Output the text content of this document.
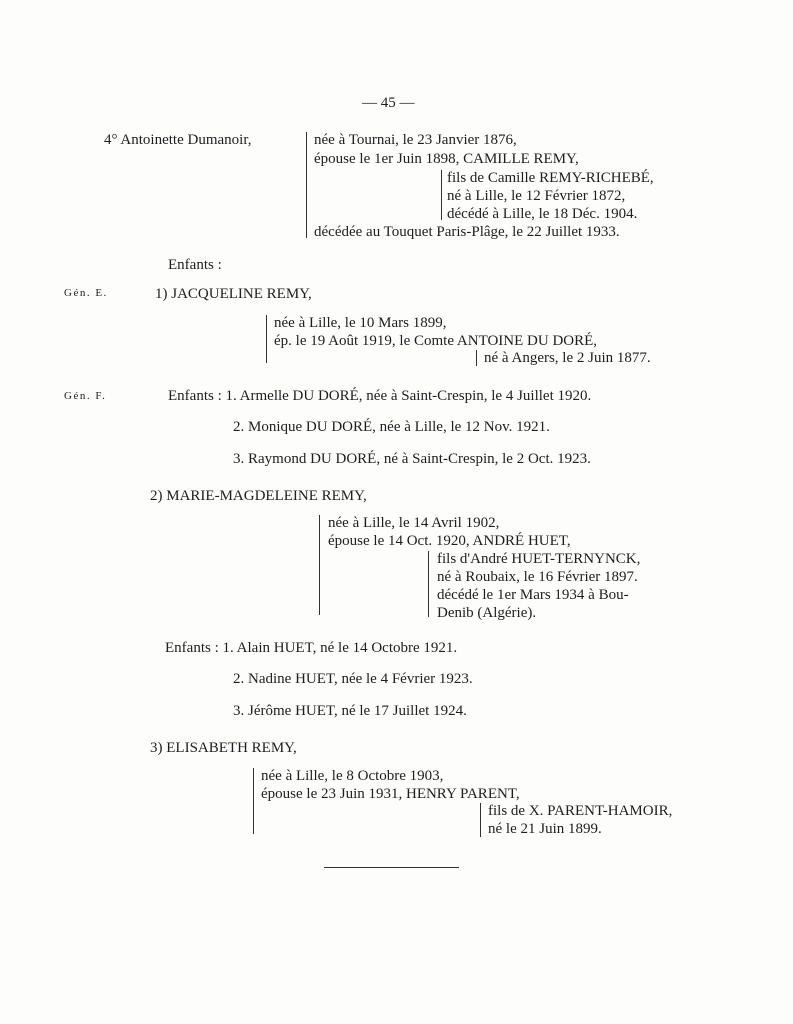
— 45 —
4° Antoinette Dumanoir,	née à Tournai, le 23 Janvier 1876,
épouse le 1er Juin 1898, CAMILLE REMY,
fils de Camille REMY-RICHEBÉ,
né à Lille, le 12 Février 1872,
décédé à Lille, le 18 Déc. 1904.
décédée au Touquet Paris-Plâge, le 22 Juillet 1933.
Enfants :
Gén. E.	1) JACQUELINE REMY,
née à Lille, le 10 Mars 1899,
ép. le 19 Août 1919, le Comte ANTOINE DU DORÉ,
né à Angers, le 2 Juin 1877.
Gén. F.	Enfants : 1. Armelle DU DORÉ, née à Saint-Crespin, le 4 Juillet 1920.
2. Monique DU DORÉ, née à Lille, le 12 Nov. 1921.
3. Raymond DU DORÉ, né à Saint-Crespin, le 2 Oct. 1923.
2) MARIE-MAGDELEINE REMY,
née à Lille, le 14 Avril 1902,
épouse le 14 Oct. 1920, ANDRÉ HUET,
fils d'André HUET-TERNYNCK,
né à Roubaix, le 16 Février 1897.
décédé le 1er Mars 1934 à Bou-
Denib (Algérie).
Enfants : 1. Alain HUET, né le 14 Octobre 1921.
2. Nadine HUET, née le 4 Février 1923.
3. Jérôme HUET, né le 17 Juillet 1924.
3) ELISABETH REMY,
née à Lille, le 8 Octobre 1903,
épouse le 23 Juin 1931, HENRY PARENT,
fils de X. PARENT-HAMOIR,
né le 21 Juin 1899.
